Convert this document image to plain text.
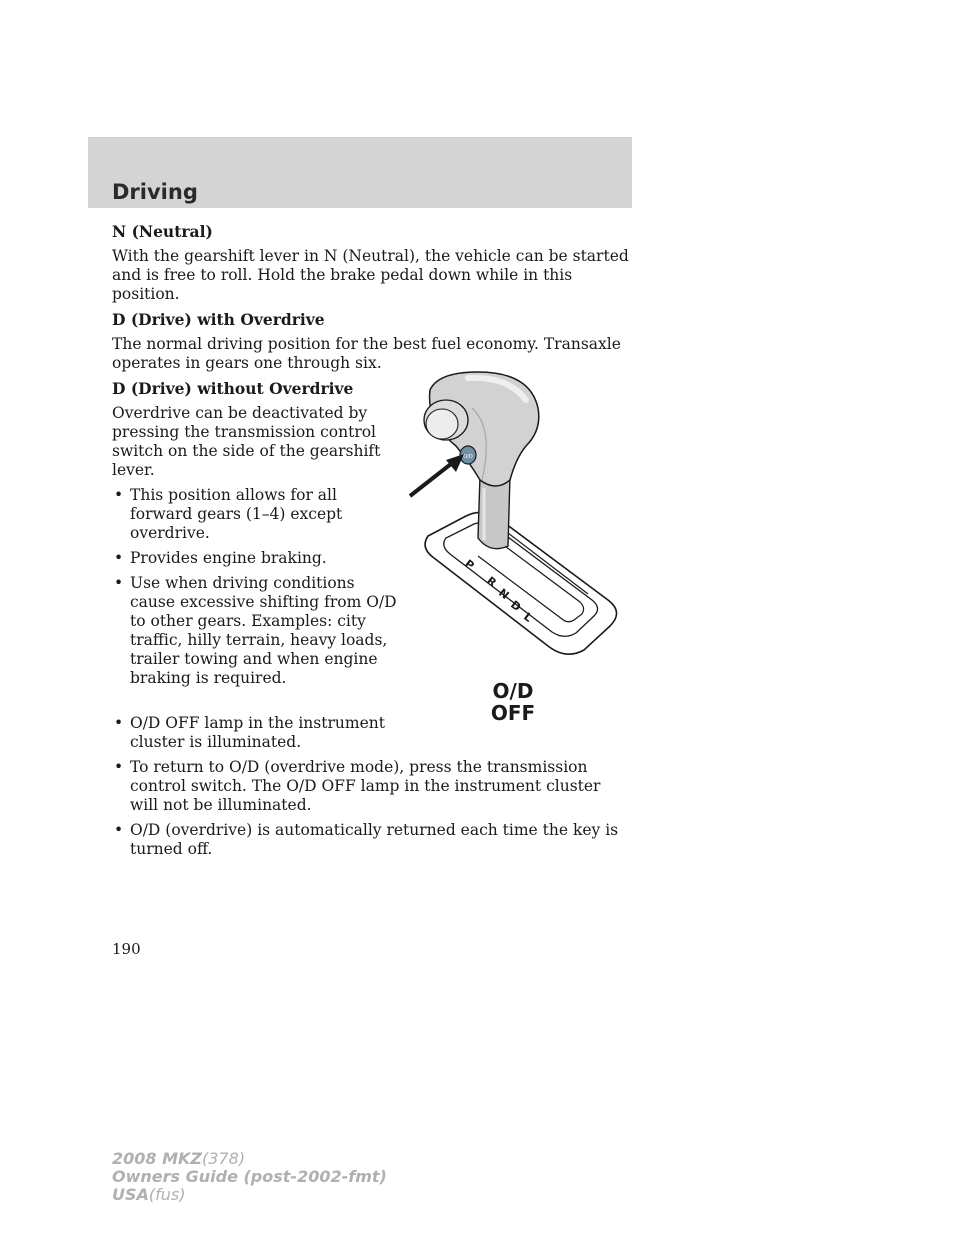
Driving
N (Neutral)
With the gearshift lever in N (Neutral), the vehicle can be started and is free to roll. Hold the brake pedal down while in this position.
D (Drive) with Overdrive
The normal driving position for the best fuel economy. Transaxle operates in gears one through six.
D (Drive) without Overdrive
Overdrive can be deactivated by pressing the transmission control switch on the side of the gearshift lever.
• This position allows for all forward gears (1–4) except overdrive.
• Provides engine braking.
• Use when driving conditions cause excessive shifting from O/D to other gears. Examples: city traffic, hilly terrain, heavy loads, trailer towing and when engine braking is required.
• O/D OFF lamp in the instrument cluster is illuminated.
• To return to O/D (overdrive mode), press the transmission control switch. The O/D OFF lamp in the instrument cluster will not be illuminated.
• O/D (overdrive) is automatically returned each time the key is turned off.
P
R
N
D
L
O/D
O/D
OFF
190
2008 MKZ(378)
Owners Guide (post-2002-fmt)
USA(fus)
